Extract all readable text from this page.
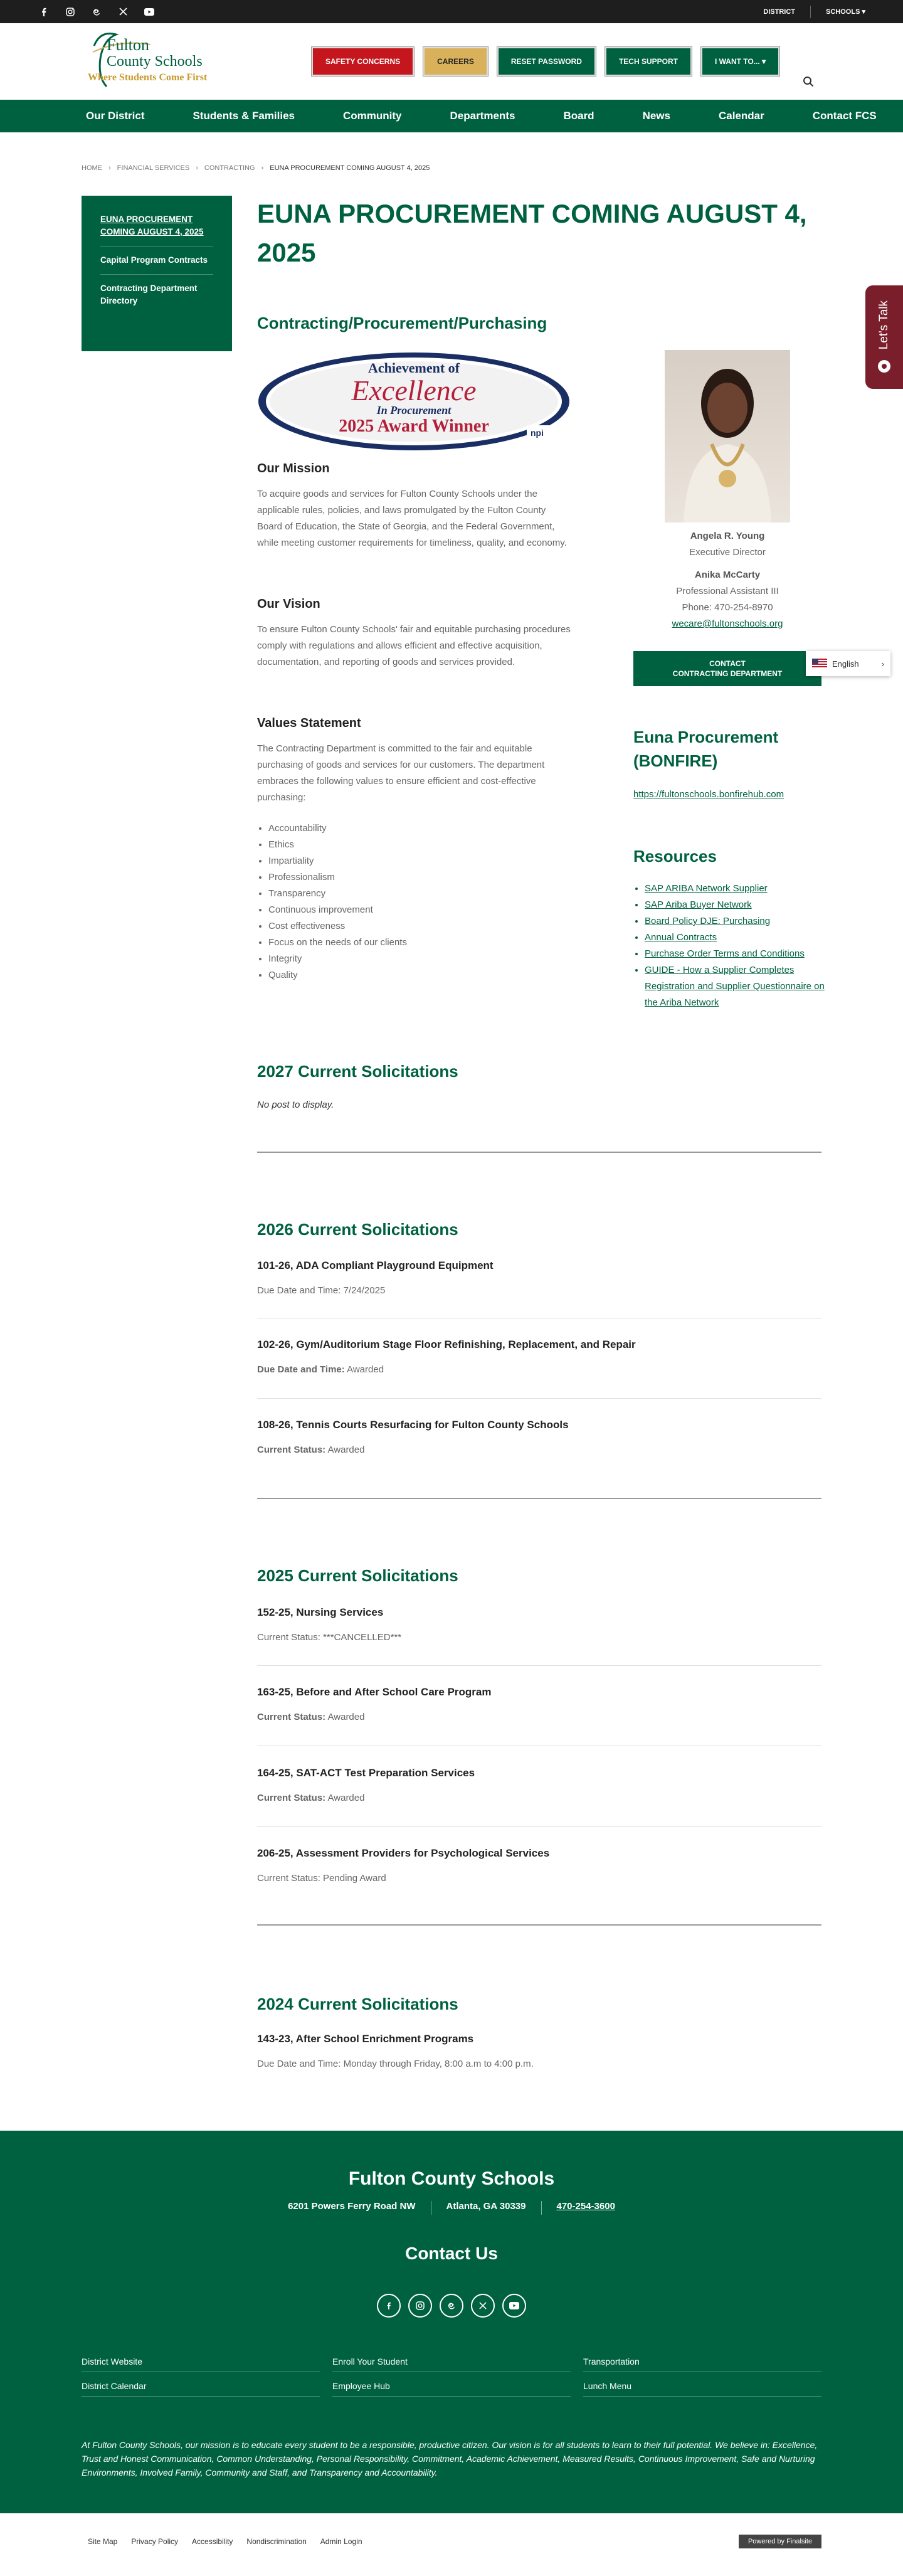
DISTRICT	SCHOOLS ▾
Fulton
County Schools
Where Students Come First
SAFETY CONCERNS	CAREERS	RESET PASSWORD	TECH SUPPORT	I WANT TO... ▾
Our District	Students & Families	Community	Departments	Board	News	Calendar	Contact FCS
HOME › FINANCIAL SERVICES › CONTRACTING › EUNA PROCUREMENT COMING AUGUST 4, 2025
EUNA PROCUREMENT COMING AUGUST 4, 2025
Capital Program Contracts
Contracting Department Directory
EUNA PROCUREMENT COMING AUGUST 4, 2025
Contracting/Procurement/Purchasing
Achievement of
Excellence
In Procurement
2025 Award Winner	npi
Our Mission

To acquire goods and services for Fulton County Schools under the applicable rules, policies, and laws promulgated by the Fulton County Board of Education, the State of Georgia, and the Federal Government, while meeting customer requirements for timeliness, quality, and economy.

Our Vision

To ensure Fulton County Schools' fair and equitable purchasing procedures comply with regulations and allows efficient and effective acquisition, documentation, and reporting of goods and services provided.

Values Statement

The Contracting Department is committed to the fair and equitable purchasing of goods and services for our customers. The department embraces the following values to ensure efficient and cost-effective purchasing:

• Accountability
• Ethics
• Impartiality
• Professionalism
• Transparency
• Continuous improvement
• Cost effectiveness
• Focus on the needs of our clients
• Integrity
• Quality
Angela R. Young
Executive Director
Anika McCarty
Professional Assistant III
Phone: 470-254-8970
wecare@fultonschools.org
CONTACT
CONTRACTING DEPARTMENT
English	›
Euna Procurement (BONFIRE)
https://fultonschools.bonfirehub.com
Resources
• SAP ARIBA Network Supplier
• SAP Ariba Buyer Network
• Board Policy DJE: Purchasing
• Annual Contracts
• Purchase Order Terms and Conditions
• GUIDE - How a Supplier Completes Registration and Supplier Questionnaire on the Ariba Network
Let's Talk
2027 Current Solicitations
No post to display.
2026 Current Solicitations
101-26, ADA Compliant Playground Equipment
Due Date and Time: 7/24/2025
102-26, Gym/Auditorium Stage Floor Refinishing, Replacement, and Repair
Due Date and Time: Awarded
108-26, Tennis Courts Resurfacing for Fulton County Schools
Current Status: Awarded
2025 Current Solicitations
152-25, Nursing Services
Current Status: ***CANCELLED***
163-25, Before and After School Care Program
Current Status: Awarded
164-25, SAT-ACT Test Preparation Services
Current Status: Awarded
206-25, Assessment Providers for Psychological Services
Current Status: Pending Award
2024 Current Solicitations
143-23, After School Enrichment Programs
Due Date and Time: Monday through Friday, 8:00 a.m to 4:00 p.m.
Fulton County Schools
6201 Powers Ferry Road NW	Atlanta, GA 30339	470-254-3600
Contact Us
District Website	Enroll Your Student	Transportation
District Calendar	Employee Hub	Lunch Menu

At Fulton County Schools, our mission is to educate every student to be a responsible, productive citizen. Our vision is for all students to learn to their full potential. We believe in: Excellence, Trust and Honest Communication, Common Understanding, Personal Responsibility, Commitment, Academic Achievement, Measured Results, Continuous Improvement, Safe and Nurturing Environments, Involved Family, Community and Staff, and Transparency and Accountability.

Site Map Privacy Policy Accessibility Nondiscrimination Admin Login	Powered by Finalsite
